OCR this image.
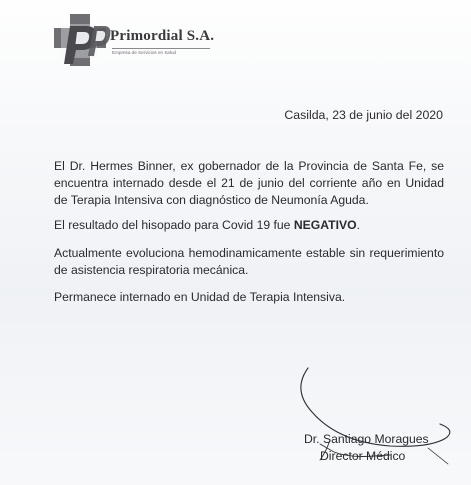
Primordial S.A.
Empresa de Servicios en Salud
Casilda, 23 de junio del 2020

El Dr. Hermes Binner, ex gobernador de la Provincia de Santa Fe, se encuentra internado desde el 21 de junio del corriente año en Unidad de Terapia Intensiva con diagnóstico de Neumonía Aguda.

El resultado del hisopado para Covid 19 fue NEGATIVO.

Actualmente evoluciona hemodinamicamente estable sin requerimiento de asistencia respiratoria mecánica.

Permanece internado en Unidad de Terapia Intensiva.

Dr. Santiago Moragues
Director Médico
